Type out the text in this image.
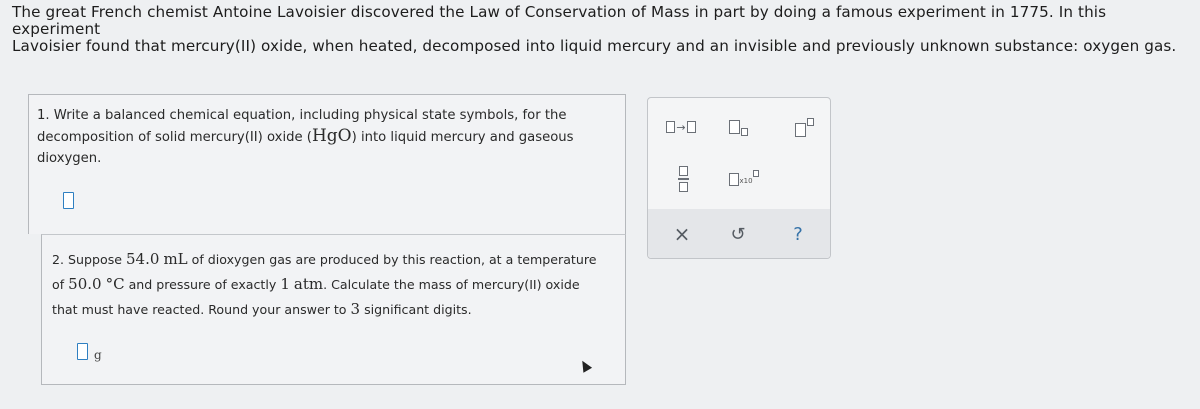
The great French chemist Antoine Lavoisier discovered the Law of Conservation of Mass in part by doing a famous experiment in 1775. In this experiment
Lavoisier found that mercury(II) oxide, when heated, decomposed into liquid mercury and an invisible and previously unknown substance: oxygen gas.
1. Write a balanced chemical equation, including physical state symbols, for the
decomposition of solid mercury(II) oxide (HgO) into liquid mercury and gaseous
dioxygen.
2. Suppose 54.0 mL of dioxygen gas are produced by this reaction, at a temperature
of 50.0 °C and pressure of exactly 1 atm. Calculate the mass of mercury(II) oxide
that must have reacted. Round your answer to 3 significant digits.
g
→
x10
× ↺	?
